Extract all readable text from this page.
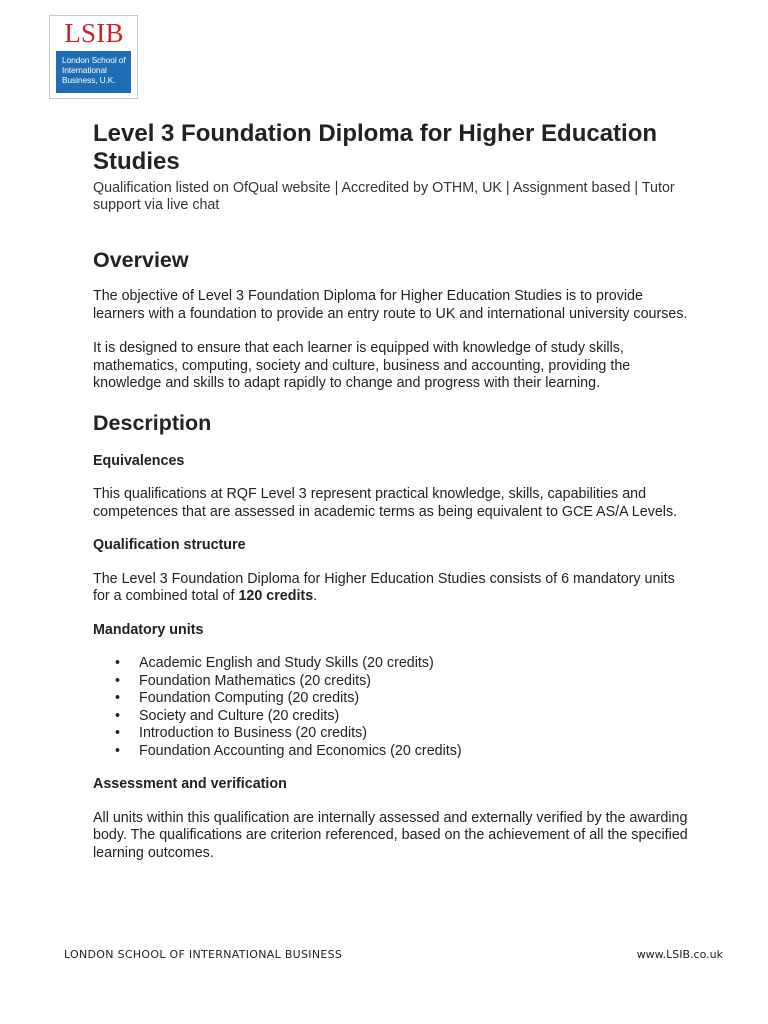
LSIB
London School of
International
Business, U.K.
Level 3 Foundation Diploma for Higher Education Studies
Qualification listed on OfQual website | Accredited by OTHM, UK | Assignment based | Tutor support via live chat
Overview

The objective of Level 3 Foundation Diploma for Higher Education Studies is to provide learners with a foundation to provide an entry route to UK and international university courses.

It is designed to ensure that each learner is equipped with knowledge of study skills, mathematics, computing, society and culture, business and accounting, providing the knowledge and skills to adapt rapidly to change and progress with their learning.

Description
Equivalences

This qualifications at RQF Level 3 represent practical knowledge, skills, capabilities and competences that are assessed in academic terms as being equivalent to GCE AS/A Levels.

Qualification structure

The Level 3 Foundation Diploma for Higher Education Studies consists of 6 mandatory units for a combined total of 120 credits.

Mandatory units
• Academic English and Study Skills (20 credits)
• Foundation Mathematics (20 credits)
• Foundation Computing (20 credits)
• Society and Culture (20 credits)
• Introduction to Business (20 credits)
• Foundation Accounting and Economics (20 credits)
Assessment and verification

All units within this qualification are internally assessed and externally verified by the awarding body. The qualifications are criterion referenced, based on the achievement of all the specified learning outcomes.

LONDON SCHOOL OF INTERNATIONAL BUSINESS	www.LSIB.co.uk
